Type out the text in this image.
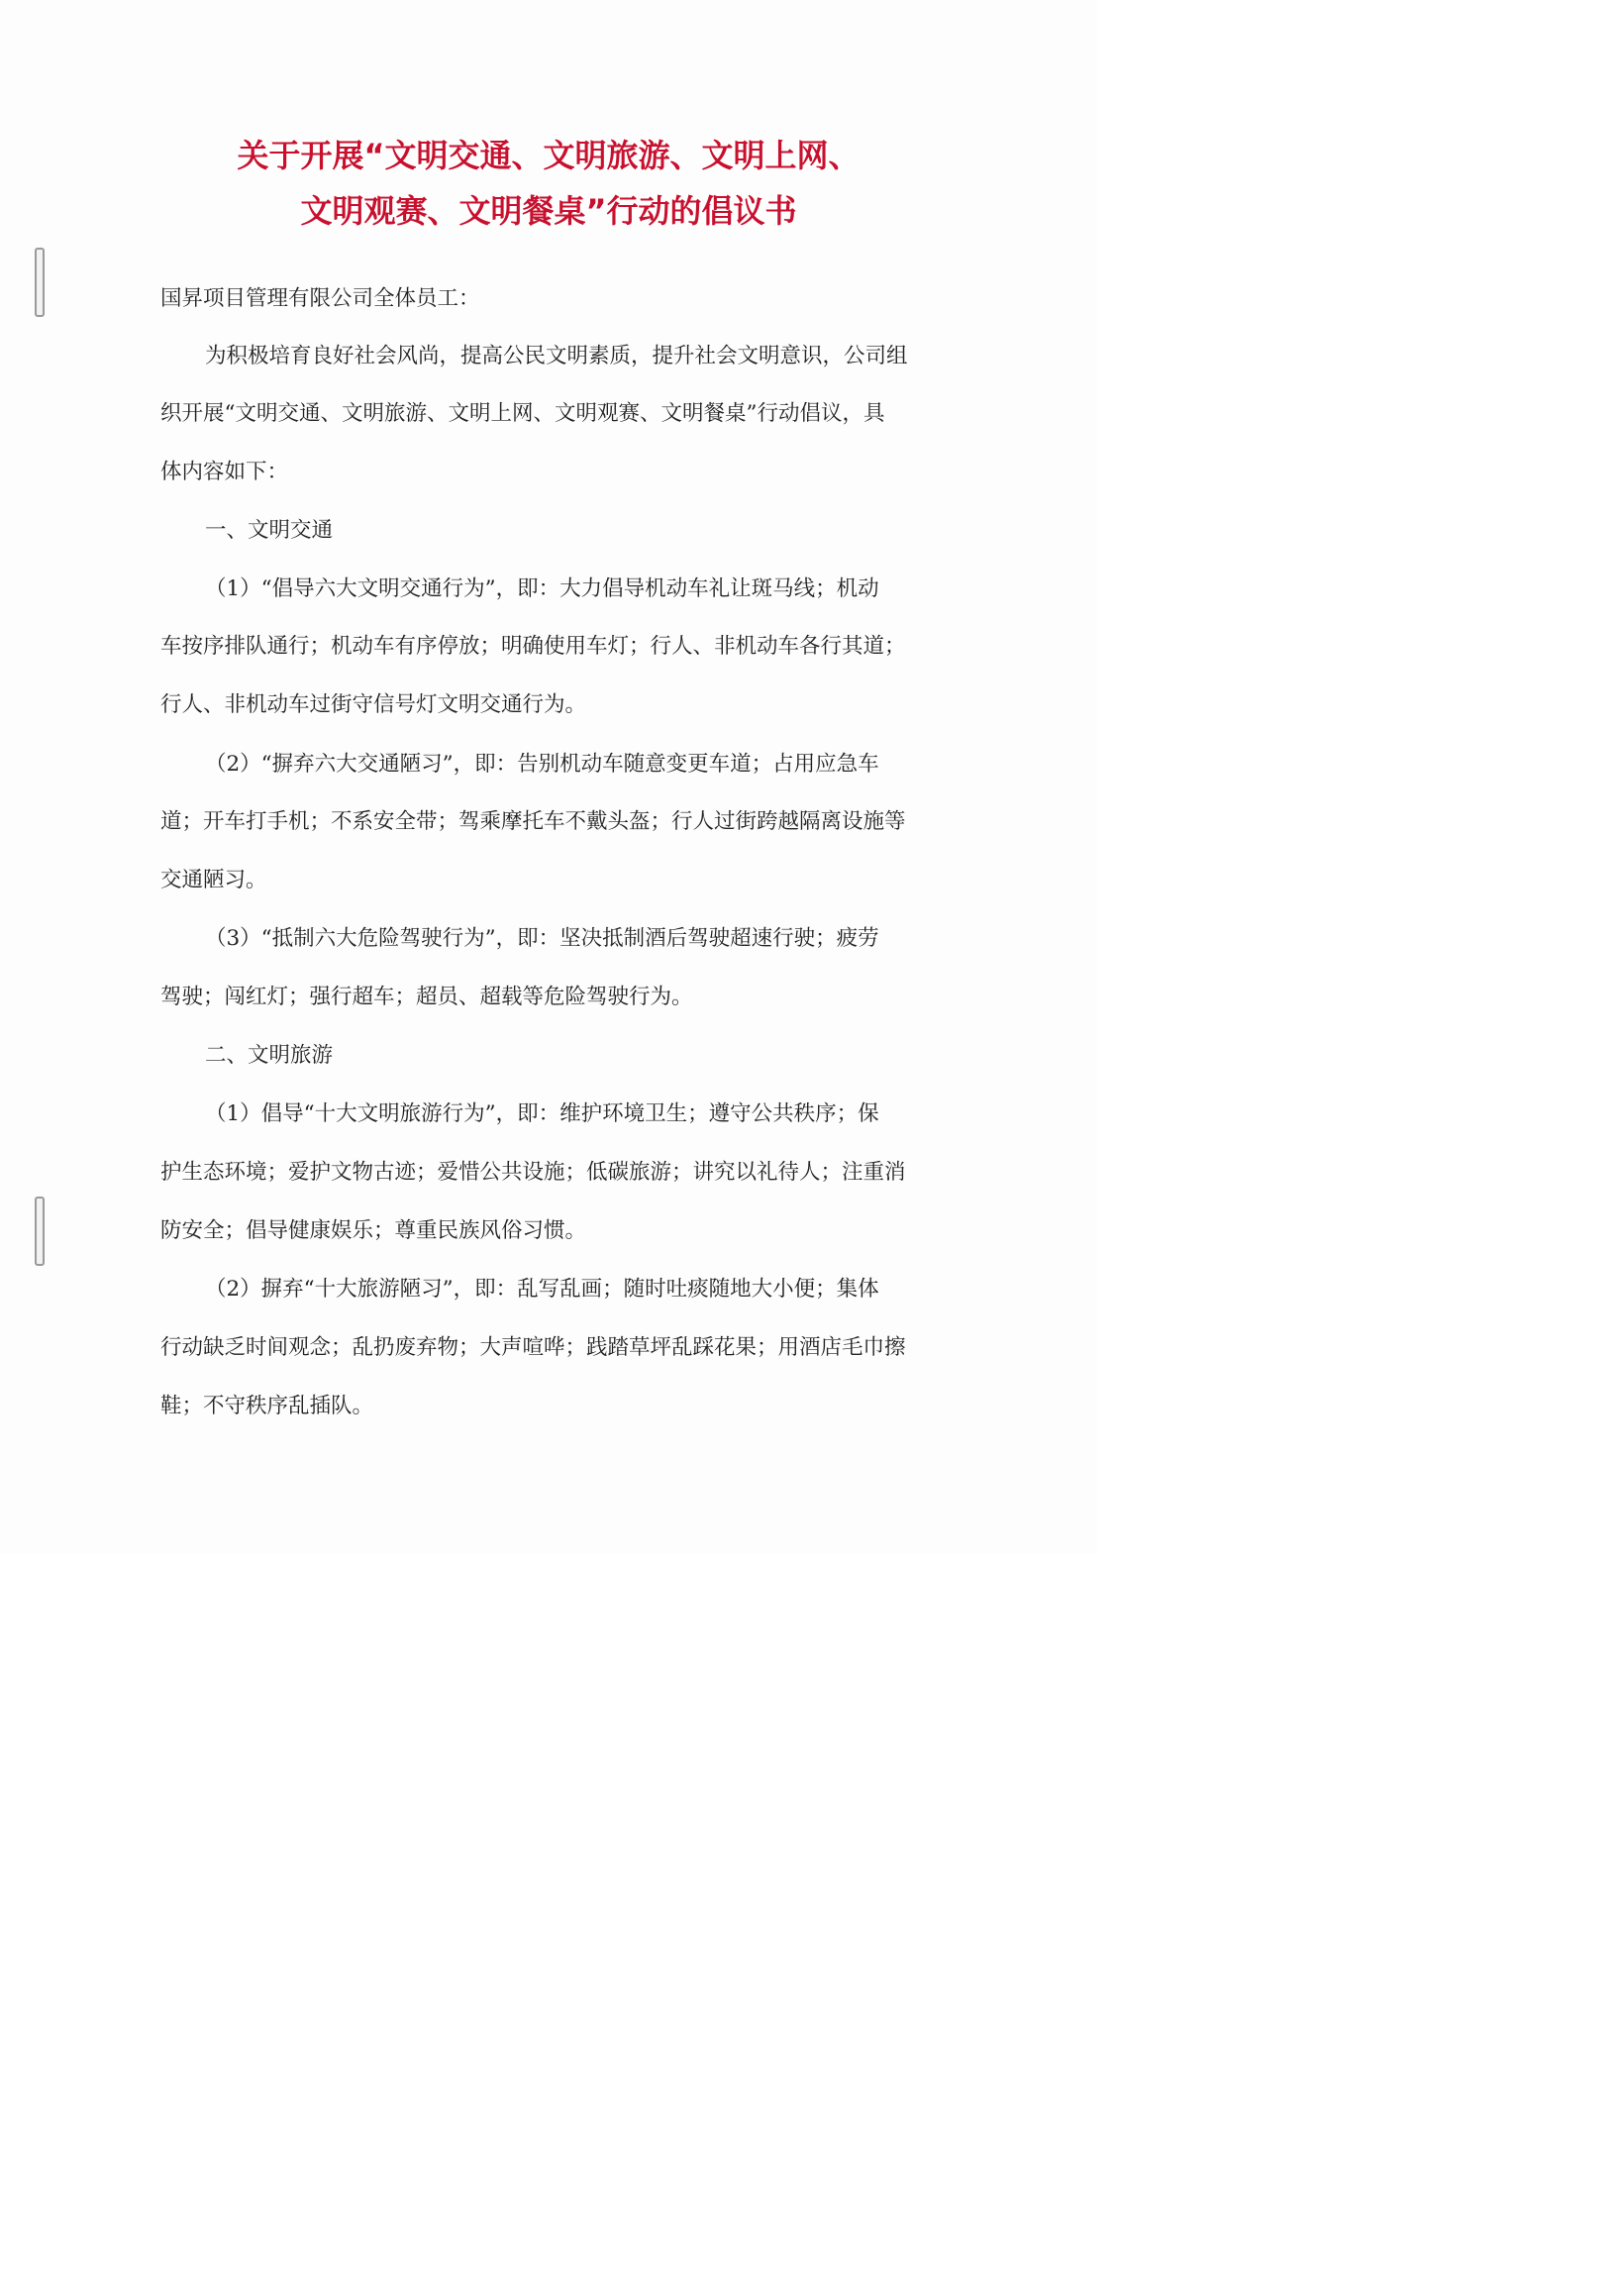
关于开展“文明交通、文明旅游、文明上网、
文明观赛、文明餐桌”行动的倡议书
国昇项目管理有限公司全体员工：
为积极培育良好社会风尚，提高公民文明素质，提升社会文明意识，公司组
织开展“文明交通、文明旅游、文明上网、文明观赛、文明餐桌”行动倡议，具
体内容如下：
一、文明交通
（1）“倡导六大文明交通行为”，即：大力倡导机动车礼让斑马线；机动
车按序排队通行；机动车有序停放；明确使用车灯；行人、非机动车各行其道；
行人、非机动车过街守信号灯文明交通行为。
（2）“摒弃六大交通陋习”，即：告别机动车随意变更车道；占用应急车
道；开车打手机；不系安全带；驾乘摩托车不戴头盔；行人过街跨越隔离设施等
交通陋习。
（3）“抵制六大危险驾驶行为”，即：坚决抵制酒后驾驶超速行驶；疲劳
驾驶；闯红灯；强行超车；超员、超载等危险驾驶行为。
二、文明旅游
（1）倡导“十大文明旅游行为”，即：维护环境卫生；遵守公共秩序；保
护生态环境；爱护文物古迹；爱惜公共设施；低碳旅游；讲究以礼待人；注重消
防安全；倡导健康娱乐；尊重民族风俗习惯。
（2）摒弃“十大旅游陋习”，即：乱写乱画；随时吐痰随地大小便；集体
行动缺乏时间观念；乱扔废弃物；大声喧哗；践踏草坪乱踩花果；用酒店毛巾擦
鞋；不守秩序乱插队。
